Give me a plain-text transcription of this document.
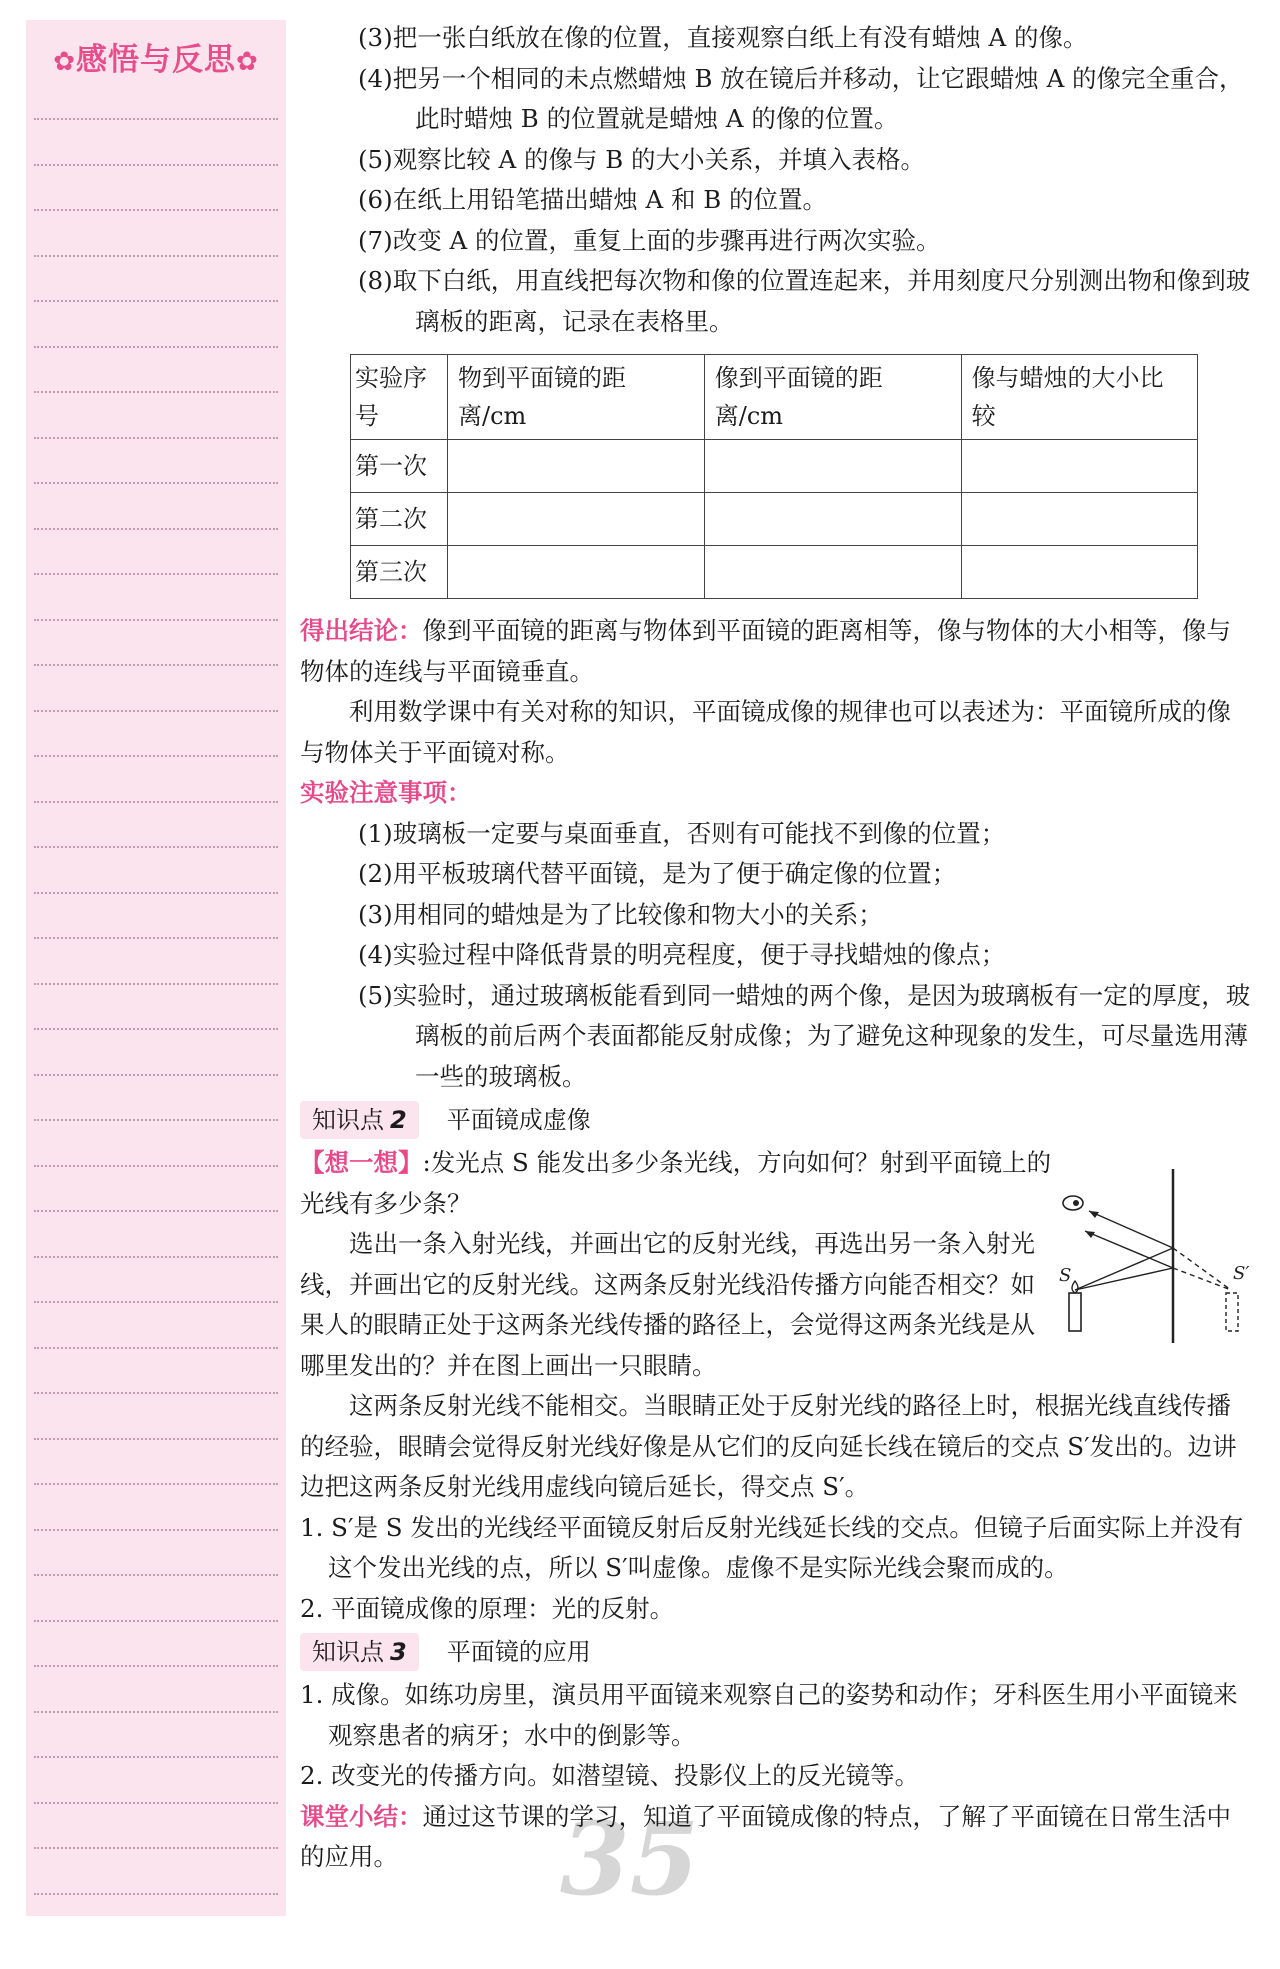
✿感悟与反思✿

(3)把一张白纸放在像的位置，直接观察白纸上有没有蜡烛 A 的像。

(4)把另一个相同的未点燃蜡烛 B 放在镜后并移动，让它跟蜡烛 A 的像完全重合，此时蜡烛 B 的位置就是蜡烛 A 的像的位置。

(5)观察比较 A 的像与 B 的大小关系，并填入表格。

(6)在纸上用铅笔描出蜡烛 A 和 B 的位置。

(7)改变 A 的位置，重复上面的步骤再进行两次实验。

(8)取下白纸，用直线把每次物和像的位置连起来，并用刻度尺分别测出物和像到玻璃板的距离，记录在表格里。

实验序号	物到平面镜的距离/cm	像到平面镜的距离/cm	像与蜡烛的大小比较
第一次			
第二次			
第三次			

得出结论：像到平面镜的距离与物体到平面镜的距离相等，像与物体的大小相等，像与物体的连线与平面镜垂直。

利用数学课中有关对称的知识，平面镜成像的规律也可以表述为：平面镜所成的像与物体关于平面镜对称。

实验注意事项：

(1)玻璃板一定要与桌面垂直，否则有可能找不到像的位置；

(2)用平板玻璃代替平面镜，是为了便于确定像的位置；

(3)用相同的蜡烛是为了比较像和物大小的关系；

(4)实验过程中降低背景的明亮程度，便于寻找蜡烛的像点；

(5)实验时，通过玻璃板能看到同一蜡烛的两个像，是因为玻璃板有一定的厚度，玻璃板的前后两个表面都能反射成像；为了避免这种现象的发生，可尽量选用薄一些的玻璃板。

知识点 2 平面镜成虚像

【想一想】:发光点 S 能发出多少条光线，方向如何？射到平面镜上的光线有多少条？

选出一条入射光线，并画出它的反射光线，再选出另一条入射光线，并画出它的反射光线。这两条反射光线沿传播方向能否相交？如果人的眼睛正处于这两条光线传播的路径上，会觉得这两条光线是从哪里发出的？并在图上画出一只眼睛。

S	S′

这两条反射光线不能相交。当眼睛正处于反射光线的路径上时，根据光线直线传播的经验，眼睛会觉得反射光线好像是从它们的反向延长线在镜后的交点 S′发出的。边讲边把这两条反射光线用虚线向镜后延长，得交点 S′。

1. S′是 S 发出的光线经平面镜反射后反射光线延长线的交点。但镜子后面实际上并没有这个发出光线的点，所以 S′叫虚像。虚像不是实际光线会聚而成的。

2. 平面镜成像的原理：光的反射。

知识点 3 平面镜的应用

1. 成像。如练功房里，演员用平面镜来观察自己的姿势和动作；牙科医生用小平面镜来观察患者的病牙；水中的倒影等。

2. 改变光的传播方向。如潜望镜、投影仪上的反光镜等。

课堂小结：通过这节课的学习，知道了平面镜成像的特点，了解了平面镜在日常生活中的应用。	35
